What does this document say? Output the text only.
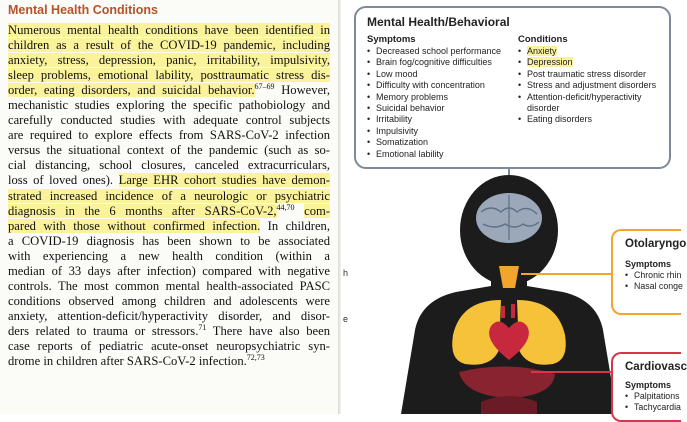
Mental Health Conditions
Numerous mental health conditions have been identified in
children as a result of the COVID-19 pandemic, including
anxiety, stress, depression, panic, irritability, impulsivity,
sleep problems, emotional lability, posttraumatic stress dis-
order, eating disorders, and suicidal behavior.$^{67-69}$ However,
mechanistic studies exploring the specific pathobiology and
carefully conducted studies with adequate control subjects
are required to explore effects from SARS-CoV-2 infection
versus the situational context of the pandemic (such as so-
cial distancing, school closures, canceled extracurriculars,
loss of loved ones). Large EHR cohort studies have demon-
strated increased incidence of a neurologic or psychiatric
diagnosis in the 6 months after SARS-CoV-2,$^{44,70}$ com-
pared with those without confirmed infection. In children,
a COVID-19 diagnosis has been shown to be associated
with experiencing a new health condition (within a
median of 33 days after infection) compared with negative
controls. The most common mental health-associated PASC
conditions observed among children and adolescents were
anxiety, attention-deficit/hyperactivity disorder, and disor-
ders related to trauma or stressors.$^{71}$ There have also been
case reports of pediatric acute-onset neuropsychiatric syn-
drome in children after SARS-CoV-2 infection.$^{72,73}$
h
e
Mental Health/Behavioral
Symptoms
• Decreased school performance
• Brain fog/cognitive difficulties
• Low mood
• Difficulty with concentration
• Memory problems
• Suicidal behavior
• Irritability
• Impulsivity
• Somatization
• Emotional lability
Conditions
• Anxiety
• Depression
• Post traumatic stress disorder
• Stress and adjustment disorders
• Attention-deficit/hyperactivity
disorder
• Eating disorders
Otolaryngo
Symptoms
• Chronic rhin
• Nasal conge
Cardiovasc
Symptoms
• Palpitations
• Tachycardia
